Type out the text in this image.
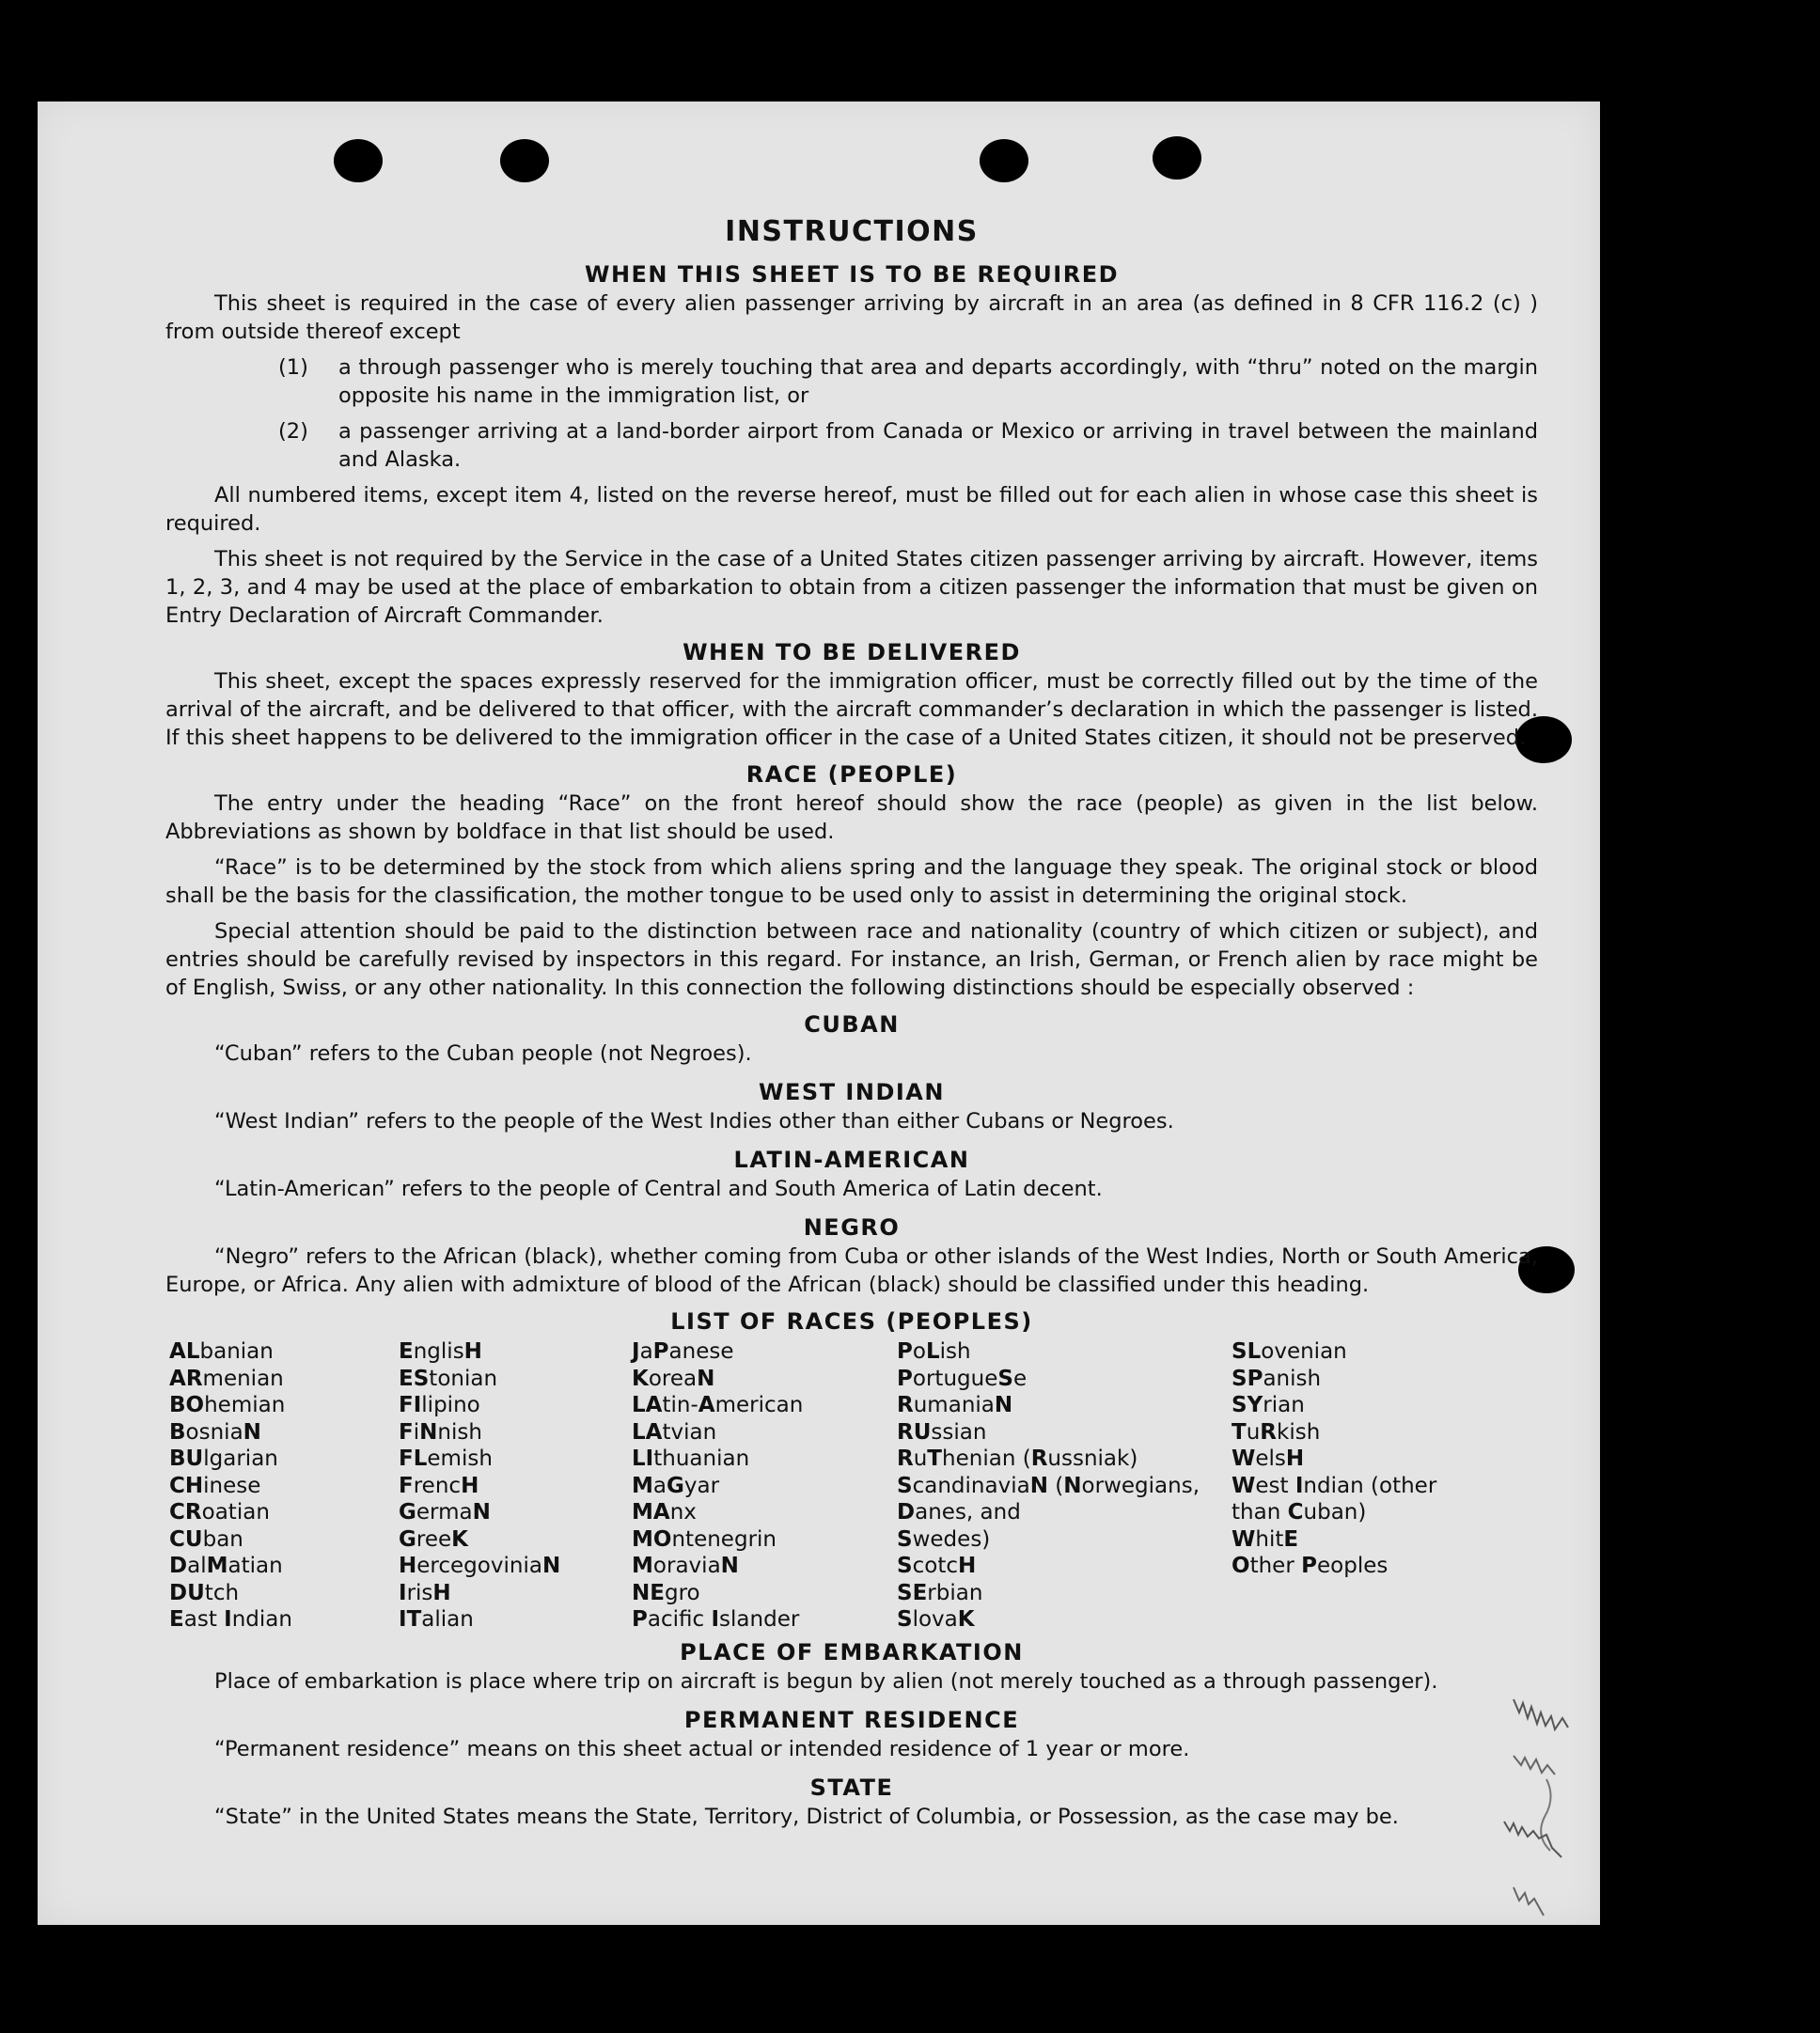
INSTRUCTIONS
WHEN THIS SHEET IS TO BE REQUIRED

This sheet is required in the case of every alien passenger arriving by aircraft in an area (as defined in 8 CFR 116.2 (c) ) from outside thereof except

(1)	a through passenger who is merely touching that area and departs accordingly, with “thru” noted on the margin opposite his name in the immigration list, or
(2)	a passenger arriving at a land-border airport from Canada or Mexico or arriving in travel between the mainland and Alaska.

All numbered items, except item 4, listed on the reverse hereof, must be filled out for each alien in whose case this sheet is required.

This sheet is not required by the Service in the case of a United States citizen passenger arriving by aircraft. However, items 1, 2, 3, and 4 may be used at the place of embarkation to obtain from a citizen passenger the information that must be given on Entry Declaration of Aircraft Commander.

WHEN TO BE DELIVERED

This sheet, except the spaces expressly reserved for the immigration officer, must be correctly filled out by the time of the arrival of the aircraft, and be delivered to that officer, with the aircraft commander’s declaration in which the passenger is listed. If this sheet happens to be delivered to the immigration officer in the case of a United States citizen, it should not be preserved.

RACE (PEOPLE)

The entry under the heading “Race” on the front hereof should show the race (people) as given in the list below. Abbreviations as shown by boldface in that list should be used.

“Race” is to be determined by the stock from which aliens spring and the language they speak. The original stock or blood shall be the basis for the classification, the mother tongue to be used only to assist in determining the original stock.

Special attention should be paid to the distinction between race and nationality (country of which citizen or subject), and entries should be carefully revised by inspectors in this regard. For instance, an Irish, German, or French alien by race might be of English, Swiss, or any other nationality. In this connection the following distinctions should be especially observed :

CUBAN

“Cuban” refers to the Cuban people (not Negroes).

WEST INDIAN

“West Indian” refers to the people of the West Indies other than either Cubans or Negroes.

LATIN-AMERICAN

“Latin-American” refers to the people of Central and South America of Latin decent.

NEGRO

“Negro” refers to the African (black), whether coming from Cuba or other islands of the West Indies, North or South America, Europe, or Africa. Any alien with admixture of blood of the African (black) should be classified under this heading.

LIST OF RACES (PEOPLES)
ALbanian
ARmenian
BOhemian
BosniaN
BUlgarian
CHinese
CRoatian
CUban
DalMatian
DUtch
East Indian
EnglisH
EStonian
FIlipino
FiNnish
FLemish
FrencH
GermaN
GreeK
HercegoviniaN
IrisH
ITalian
JaPanese
KoreaN
LAtin-American
LAtvian
LIthuanian
MaGyar
MAnx
MOntenegrin
MoraviaN
NEgro
Pacifc Islander
PoLish
PortugueSe
RumaniaN
RUssian
RuThenian (Russniak)
ScandinaviaN (Norwegians,
Danes, and
Swedes)
ScotcH
SErbian
SlovaK
SLovenian
SPanish
SYrian
TuRkish
WelsH
West Indian (other
than Cuban)
WhitE
Other Peoples
PLACE OF EMBARKATION

Place of embarkation is place where trip on aircraft is begun by alien (not merely touched as a through passenger).

PERMANENT RESIDENCE

“Permanent residence” means on this sheet actual or intended residence of 1 year or more.

STATE

“State” in the United States means the State, Territory, District of Columbia, or Possession, as the case may be.
